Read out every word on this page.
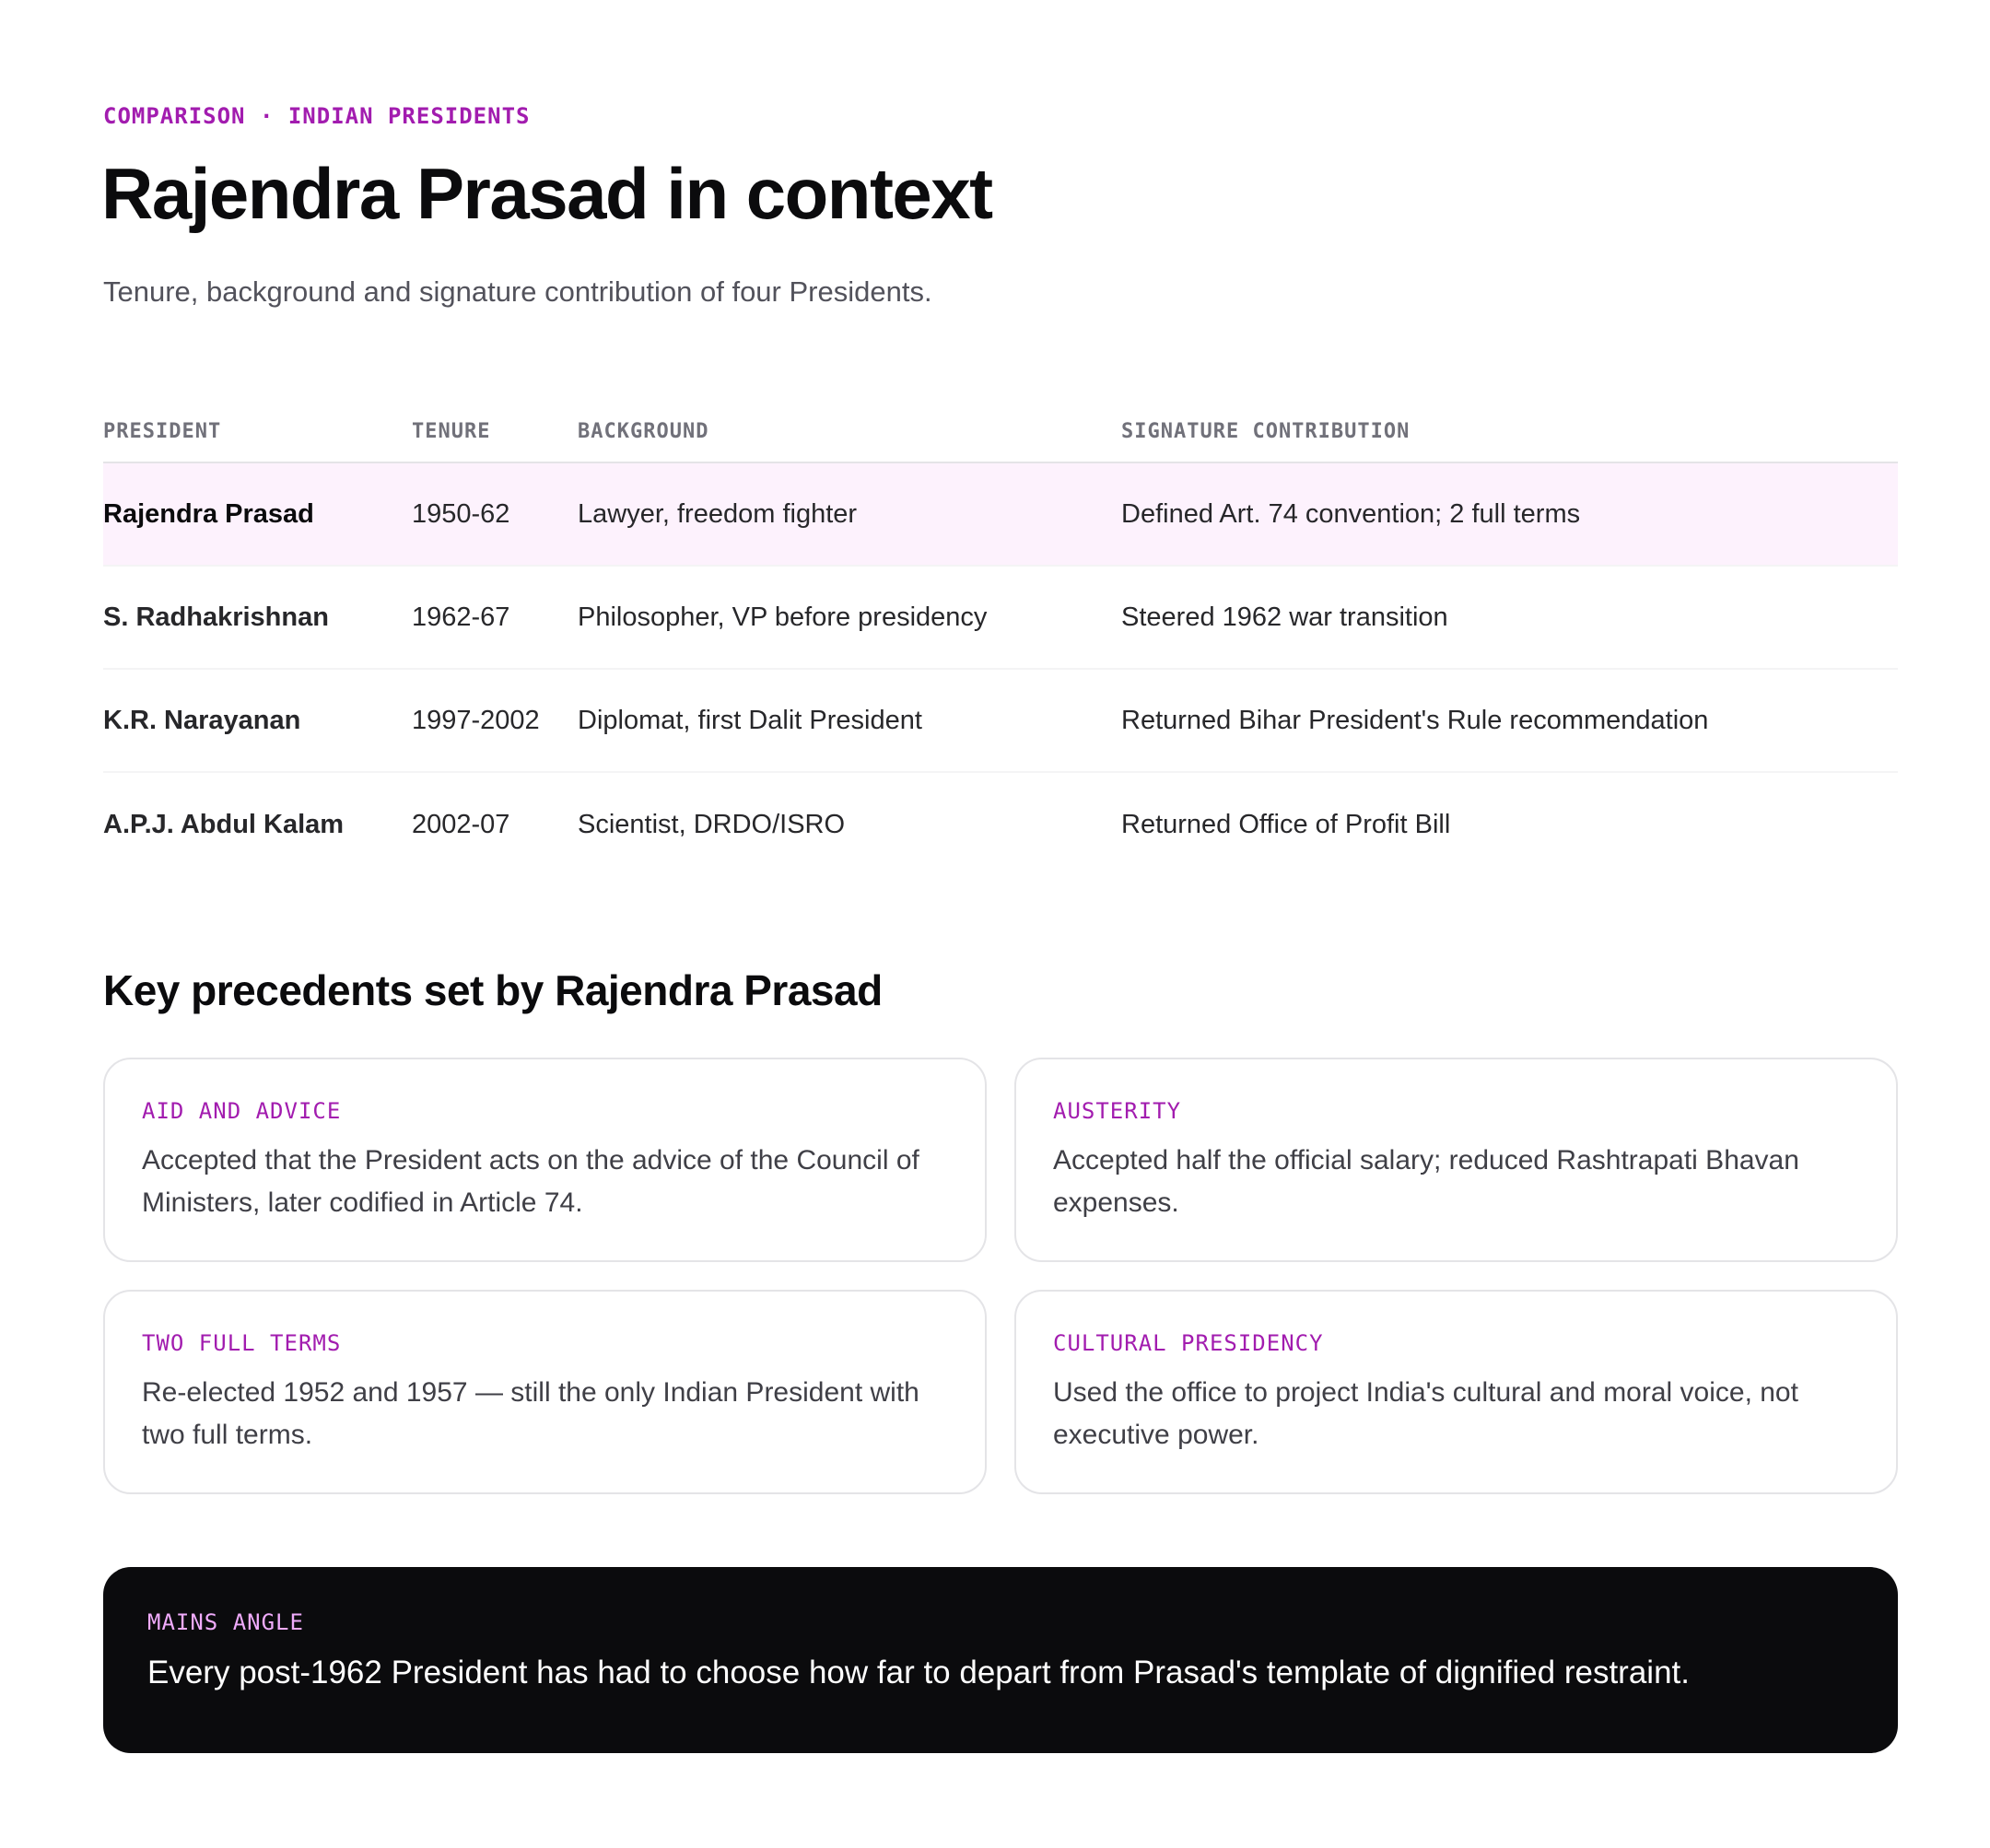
COMPARISON · INDIAN PRESIDENTS
Rajendra Prasad in context

Tenure, background and signature contribution of four Presidents.

PRESIDENT	TENURE	BACKGROUND	SIGNATURE CONTRIBUTION
Rajendra Prasad	1950-62	Lawyer, freedom fighter	Defined Art. 74 convention; 2 full terms
S. Radhakrishnan	1962-67	Philosopher, VP before presidency	Steered 1962 war transition
K.R. Narayanan	1997-2002	Diplomat, first Dalit President	Returned Bihar President's Rule recommendation
A.P.J. Abdul Kalam	2002-07	Scientist, DRDO/ISRO	Returned Office of Profit Bill
Key precedents set by Rajendra Prasad
AID AND ADVICE
Accepted that the President acts on the advice of the Council of Ministers, later codified in Article 74.
AUSTERITY
Accepted half the official salary; reduced Rashtrapati Bhavan expenses.
TWO FULL TERMS
Re-elected 1952 and 1957 — still the only Indian President with two full terms.
CULTURAL PRESIDENCY
Used the office to project India's cultural and moral voice, not executive power.
MAINS ANGLE
Every post-1962 President has had to choose how far to depart from Prasad's template of dignified restraint.
